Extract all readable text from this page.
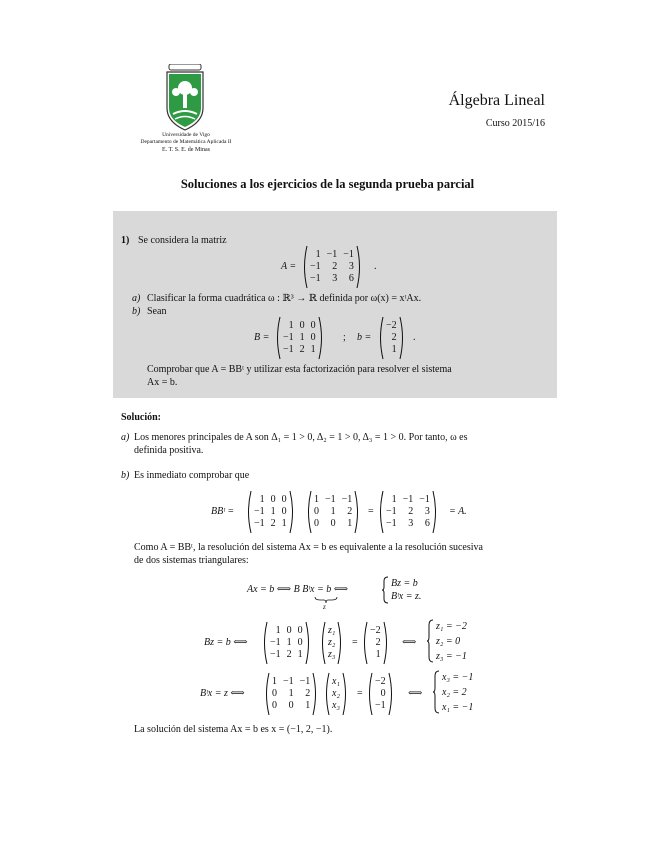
Universidade de Vigo
Departamento de Matemática Aplicada II
E. T. S. E. de Minas
Álgebra Lineal
Curso 2015/16
Soluciones a los ejercicios de la segunda prueba parcial
1) Se considera la matriz
A =
1 −1 −1
−1	2	3
−1	3	6
.
a) Clasificar la forma cuadrática ω : ℝ³ → ℝ definida por ω(x) = xᵗAx.
b) Sean
B =
1 0 0
−1 1 0
−1 2 1
; b =
−2
2
1
.
Comprobar que A = BBᵗ y utilizar esta factorización para resolver el sistema
Ax = b.
Solución:
a) Los menores principales de A son Δ₁ = 1 > 0, Δ₂ = 1 > 0, Δ₃ = 1 > 0. Por tanto, ω es
definida positiva.
b) Es inmediato comprobar que
BBᵗ =
1 0 0
−1 1 0
−1 2 1
1 −1 −1
0	1	2
0	0	1
=
1 −1 −1
−1	2	3
−1	3	6
= A.
Como A = BBᵗ, la resolución del sistema Ax = b es equivalente a la resolución sucesiva
de dos sistemas triangulares:
Ax = b ⟺ B Bᵗx = b ⟺
z
Bz = b
Bᵗx = z.
Bz = b ⟺
1 0 0
−1 1 0
−1 2 1
z₁
z₂
z₃
=
−2
2
1
⟺
z₁ = −2
z₂ = 0
z₃ = −1
Bᵗx = z ⟺
1 −1 −1
0	1	2
0	0	1
x₁
x₂
x₃
=
−2
0
−1
⟺
x₃ = −1
x₂ = 2
x₁ = −1
La solución del sistema Ax = b es x = (−1, 2, −1).
